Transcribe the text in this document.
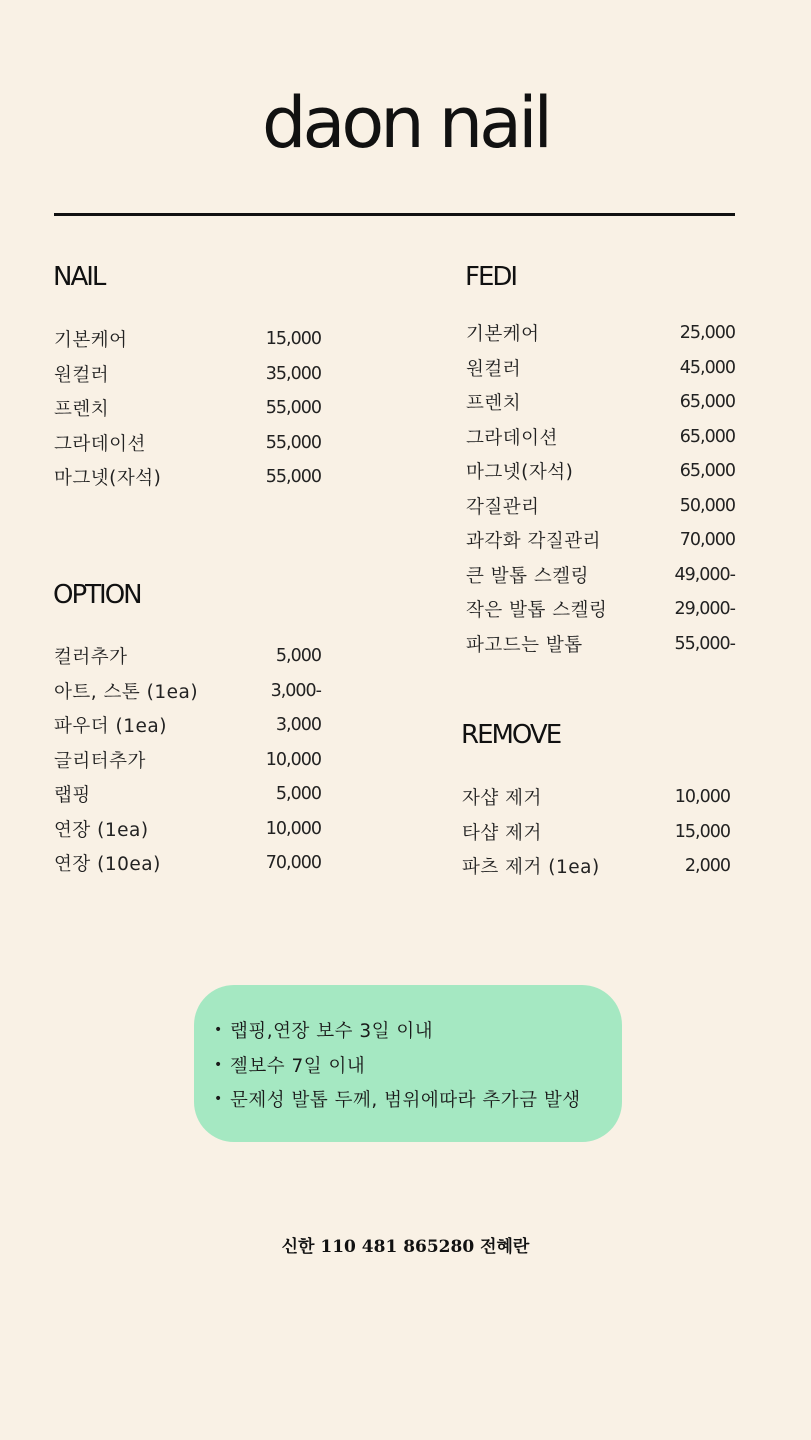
daon nail
NAIL
기본케어	15,000
원컬러	35,000
프렌치	55,000
그라데이션	55,000
마그넷(자석)	55,000
OPTION
컬러추가	5,000
아트, 스톤 (1ea)	3,000-
파우더 (1ea)	3,000
글리터추가	10,000
랩핑	5,000
연장 (1ea)	10,000
연장 (10ea)	70,000
FEDI
기본케어	25,000
원컬러	45,000
프렌치	65,000
그라데이션	65,000
마그넷(자석)	65,000
각질관리	50,000
과각화 각질관리	70,000
큰 발톱 스켈링	49,000-
작은 발톱 스켈링	29,000-
파고드는 발톱	55,000-
REMOVE
자샵 제거	10,000
타샵 제거	15,000
파츠 제거 (1ea)	2,000
• 랩핑,연장 보수 3일 이내
• 젤보수 7일 이내
• 문제성 발톱 두께, 범위에따라 추가금 발생
신한 110 481 865280 전혜란
